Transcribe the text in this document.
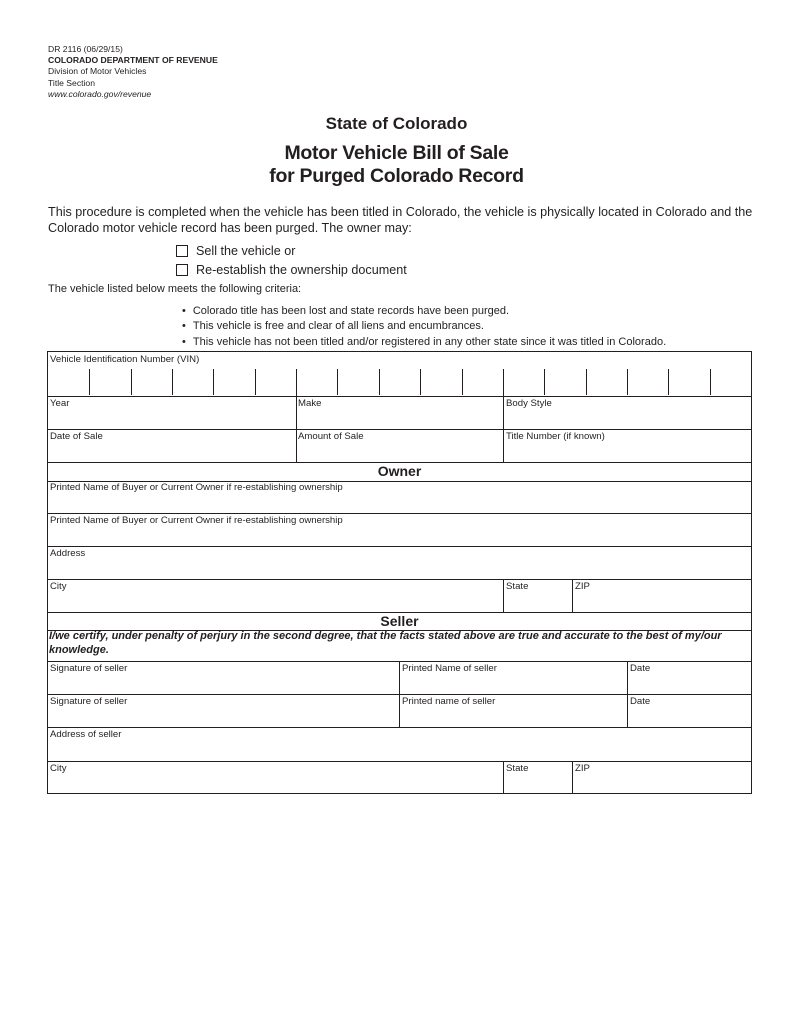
DR 2116 (06/29/15)
COLORADO DEPARTMENT OF REVENUE
Division of Motor Vehicles
Title Section
www.colorado.gov/revenue
State of Colorado
Motor Vehicle Bill of Sale
for Purged Colorado Record
This procedure is completed when the vehicle has been titled in Colorado, the vehicle is physically located in Colorado and the Colorado motor vehicle record has been purged. The owner may:
Sell the vehicle or
Re-establish the ownership document
The vehicle listed below meets the following criteria:
• Colorado title has been lost and state records have been purged.
• This vehicle is free and clear of all liens and encumbrances.
• This vehicle has not been titled and/or registered in any other state since it was titled in Colorado.
Vehicle Identification Number (VIN)
Year	Make	Body Style
Date of Sale	Amount of Sale	Title Number (if known)
Owner
Printed Name of Buyer or Current Owner if re-establishing ownership
Printed Name of Buyer or Current Owner if re-establishing ownership
Address
City	State	ZIP
Seller
I/we certify, under penalty of perjury in the second degree, that the facts stated above are true and accurate to the best of my/our knowledge.
Signature of seller	Printed Name of seller	Date
Signature of seller	Printed name of seller	Date
Address of seller
City	State	ZIP
